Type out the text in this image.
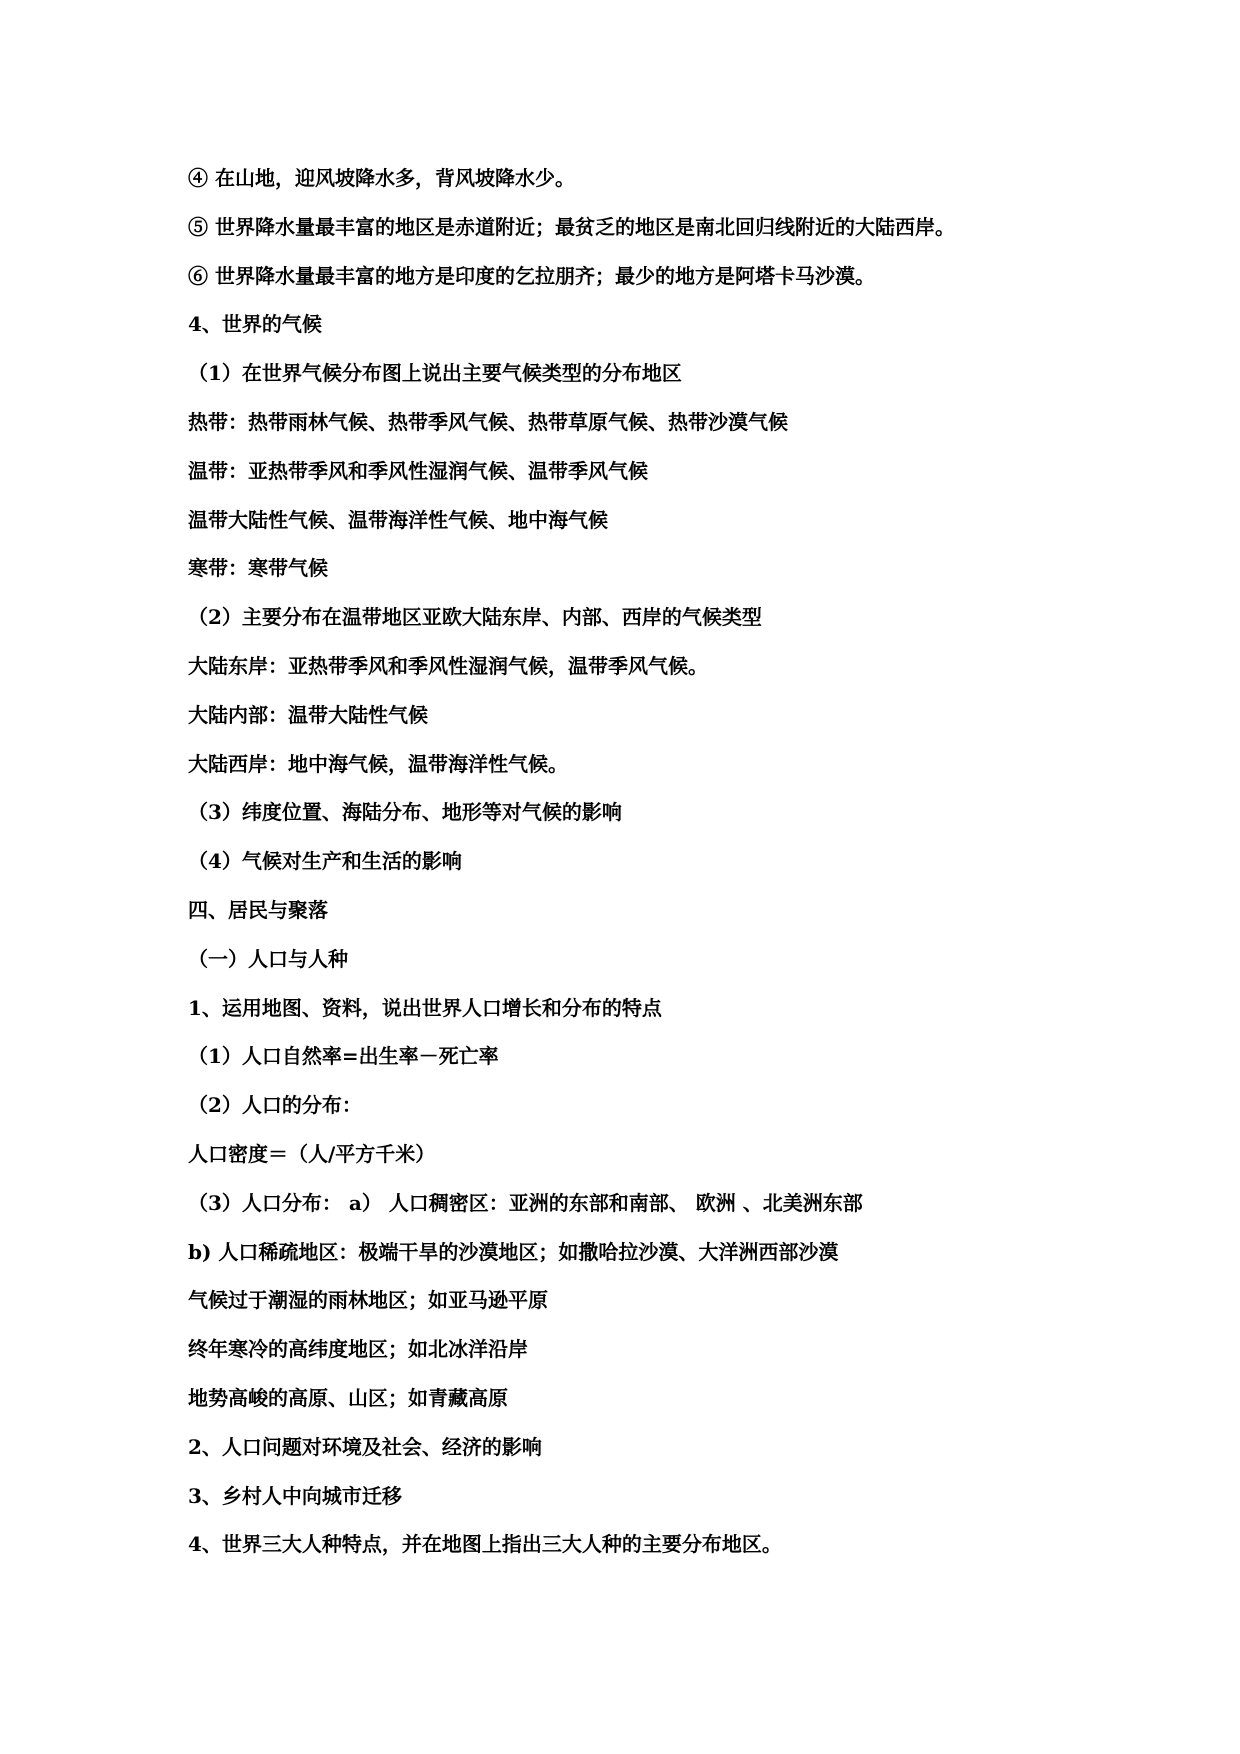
④ 在山地，迎风坡降水多，背风坡降水少。
⑤ 世界降水量最丰富的地区是赤道附近；最贫乏的地区是南北回归线附近的大陆西岸。
⑥ 世界降水量最丰富的地方是印度的乞拉朋齐；最少的地方是阿塔卡马沙漠。
4、世界的气候
（1）在世界气候分布图上说出主要气候类型的分布地区
热带：热带雨林气候、热带季风气候、热带草原气候、热带沙漠气候
温带：亚热带季风和季风性湿润气候、温带季风气候
温带大陆性气候、温带海洋性气候、地中海气候
寒带：寒带气候
（2）主要分布在温带地区亚欧大陆东岸、内部、西岸的气候类型
大陆东岸：亚热带季风和季风性湿润气候，温带季风气候。
大陆内部：温带大陆性气候
大陆西岸：地中海气候，温带海洋性气候。
（3）纬度位置、海陆分布、地形等对气候的影响
（4）气候对生产和生活的影响
四、居民与聚落
（一）人口与人种
1、运用地图、资料，说出世界人口增长和分布的特点
（1）人口自然率=出生率－死亡率
（2）人口的分布：
人口密度＝（人/平方千米）
（3）人口分布： a） 人口稠密区：亚洲的东部和南部、 欧洲 、北美洲东部
b) 人口稀疏地区：极端干旱的沙漠地区；如撒哈拉沙漠、大洋洲西部沙漠
气候过于潮湿的雨林地区；如亚马逊平原
终年寒冷的高纬度地区；如北冰洋沿岸
地势高峻的高原、山区；如青藏高原
2、人口问题对环境及社会、经济的影响
3、乡村人中向城市迁移
4、世界三大人种特点，并在地图上指出三大人种的主要分布地区。
